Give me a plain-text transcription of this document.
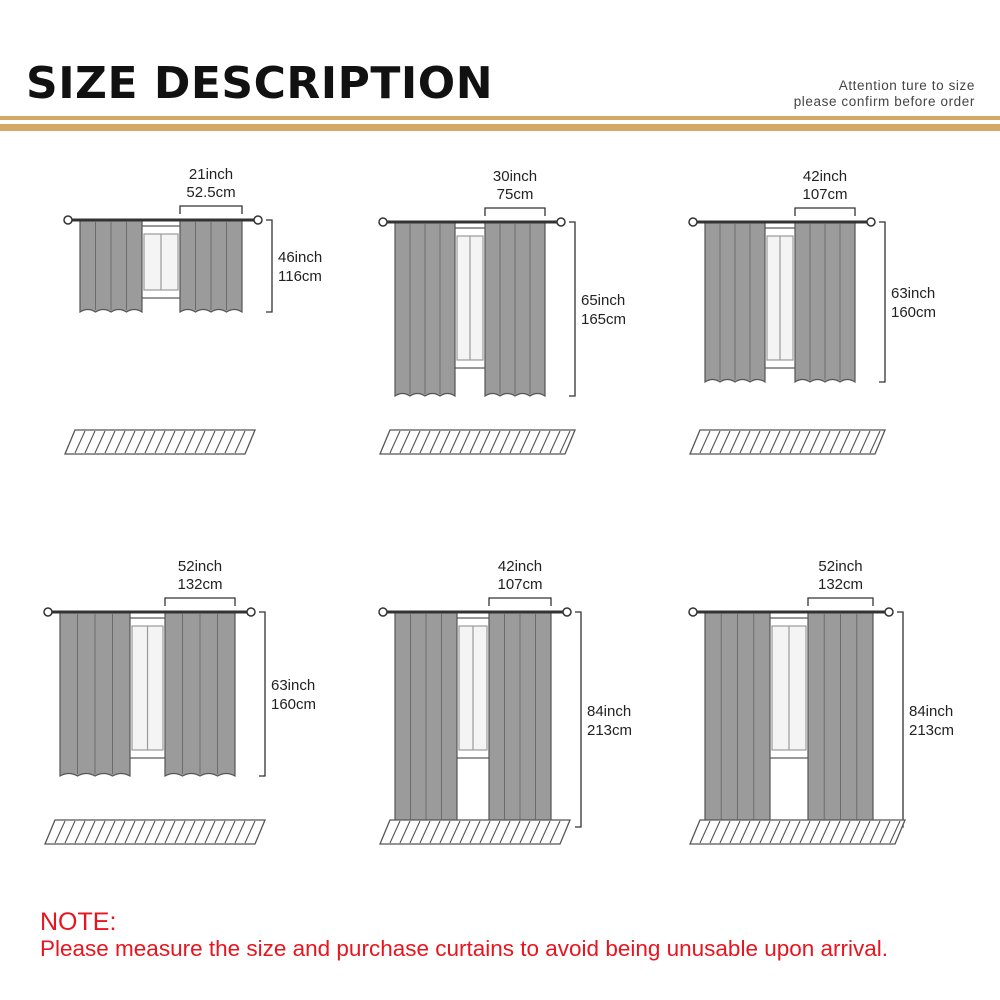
SIZE DESCRIPTION	Attention ture to size
please confirm before order
21inch
52.5cm
46inch
116cm
30inch
75cm
65inch
165cm
42inch
107cm
63inch
160cm
52inch
132cm
63inch
160cm
42inch
107cm
84inch
213cm
52inch
132cm
84inch
213cm
NOTE:
Please measure the size and purchase curtains to avoid being unusable upon arrival.
